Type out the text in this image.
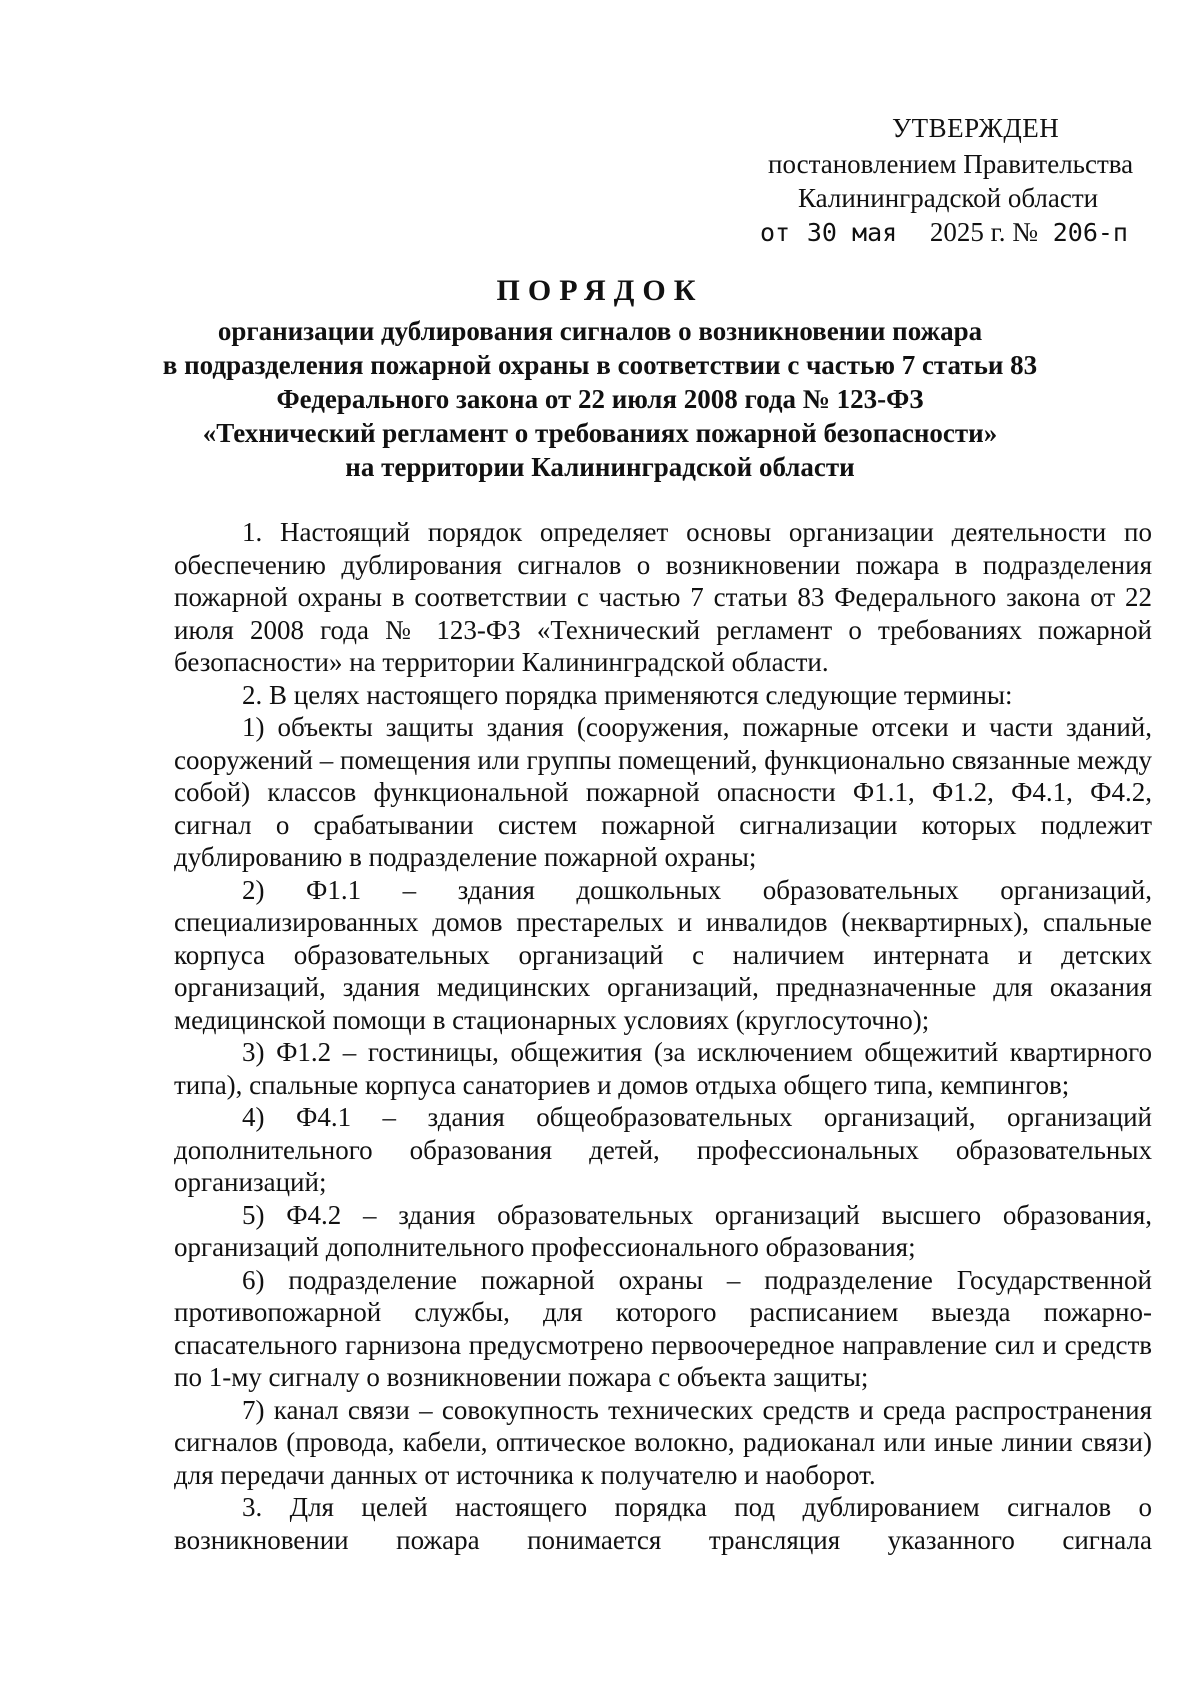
УТВЕРЖДЕН
постановлением Правительства
Калининградской области
от 30 мая 2025 г. № 206-п
ПОРЯДОК
организации дублирования сигналов о возникновении пожара
в подразделения пожарной охраны в соответствии с частью 7 статьи 83
Федерального закона от 22 июля 2008 года № 123-ФЗ
«Технический регламент о требованиях пожарной безопасности»
на территории Калининградской области

1. Настоящий порядок определяет основы организации деятельности по обеспечению дублирования сигналов о возникновении пожара в подразделения пожарной охраны в соответствии с частью 7 статьи 83 Федерального закона от 22 июля 2008 года № 123-ФЗ «Технический регламент о требованиях пожарной безопасности» на территории Калининградской области.

2. В целях настоящего порядка применяются следующие термины:

1) объекты защиты здания (сооружения, пожарные отсеки и части зданий, сооружений – помещения или группы помещений, функционально связанные между собой) классов функциональной пожарной опасности Ф1.1, Ф1.2, Ф4.1, Ф4.2, сигнал о срабатывании систем пожарной сигнализации которых подлежит дублированию в подразделение пожарной охраны;

2) Ф1.1 – здания дошкольных образовательных организаций, специализированных домов престарелых и инвалидов (неквартирных), спальные корпуса образовательных организаций с наличием интерната и детских организаций, здания медицинских организаций, предназначенные для оказания медицинской помощи в стационарных условиях (круглосуточно);

3) Ф1.2 – гостиницы, общежития (за исключением общежитий квартирного типа), спальные корпуса санаториев и домов отдыха общего типа, кемпингов;

4) Ф4.1 – здания общеобразовательных организаций, организаций дополнительного образования детей, профессиональных образовательных организаций;

5) Ф4.2 – здания образовательных организаций высшего образования, организаций дополнительного профессионального образования;

6) подразделение пожарной охраны – подразделение Государственной противопожарной службы, для которого расписанием выезда пожарно-спасательного гарнизона предусмотрено первоочередное направление сил и средств по 1-му сигналу о возникновении пожара с объекта защиты;

7) канал связи – совокупность технических средств и среда распространения сигналов (провода, кабели, оптическое волокно, радиоканал или иные линии связи) для передачи данных от источника к получателю и наоборот.

3. Для целей настоящего порядка под дублированием сигналов о возникновении пожара понимается трансляция указанного сигнала
